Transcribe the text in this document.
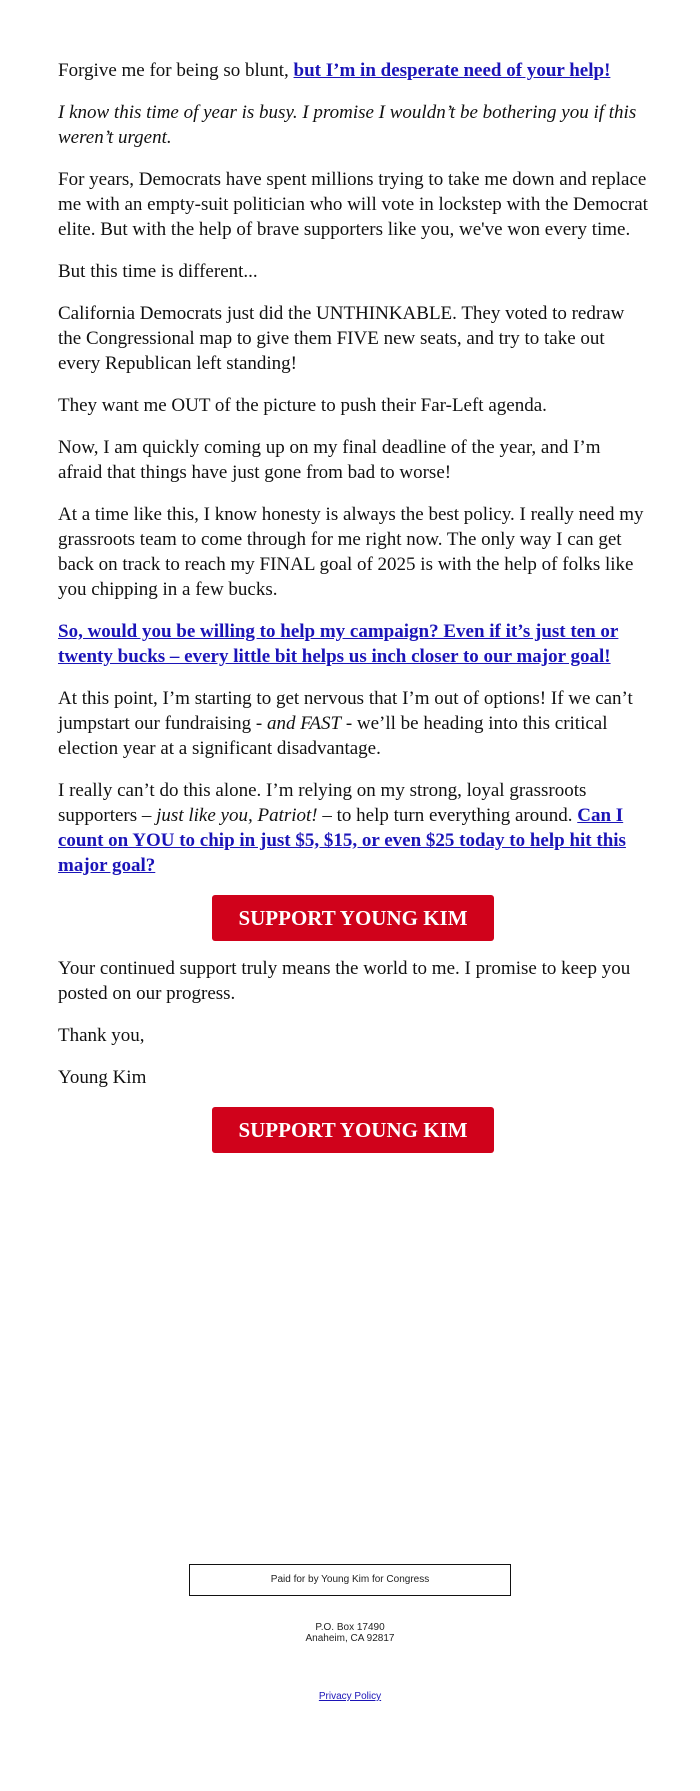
Forgive me for being so blunt, but I’m in desperate need of your help!

I know this time of year is busy. I promise I wouldn’t be bothering you if this weren’t urgent.

For years, Democrats have spent millions trying to take me down and replace me with an empty-suit politician who will vote in lockstep with the Democrat elite. But with the help of brave supporters like you, we've won every time.

But this time is different...

California Democrats just did the UNTHINKABLE. They voted to redraw the Congressional map to give them FIVE new seats, and try to take out every Republican left standing!

They want me OUT of the picture to push their Far-Left agenda.

Now, I am quickly coming up on my final deadline of the year, and I’m afraid that things have just gone from bad to worse!

At a time like this, I know honesty is always the best policy. I really need my grassroots team to come through for me right now. The only way I can get back on track to reach my FINAL goal of 2025 is with the help of folks like you chipping in a few bucks.

So, would you be willing to help my campaign? Even if it’s just ten or twenty bucks – every little bit helps us inch closer to our major goal!

At this point, I’m starting to get nervous that I’m out of options! If we can’t jumpstart our fundraising - and FAST - we’ll be heading into this critical election year at a significant disadvantage.

I really can’t do this alone. I’m relying on my strong, loyal grassroots supporters – just like you, Patriot! – to help turn everything around. Can I count on YOU to chip in just $5, $15, or even $25 today to help hit this major goal?

SUPPORT YOUNG KIM

Your continued support truly means the world to me. I promise to keep you posted on our progress.

Thank you,

Young Kim

SUPPORT YOUNG KIM
Paid for by Young Kim for Congress
P.O. Box 17490
Anaheim, CA 92817
Privacy Policy
